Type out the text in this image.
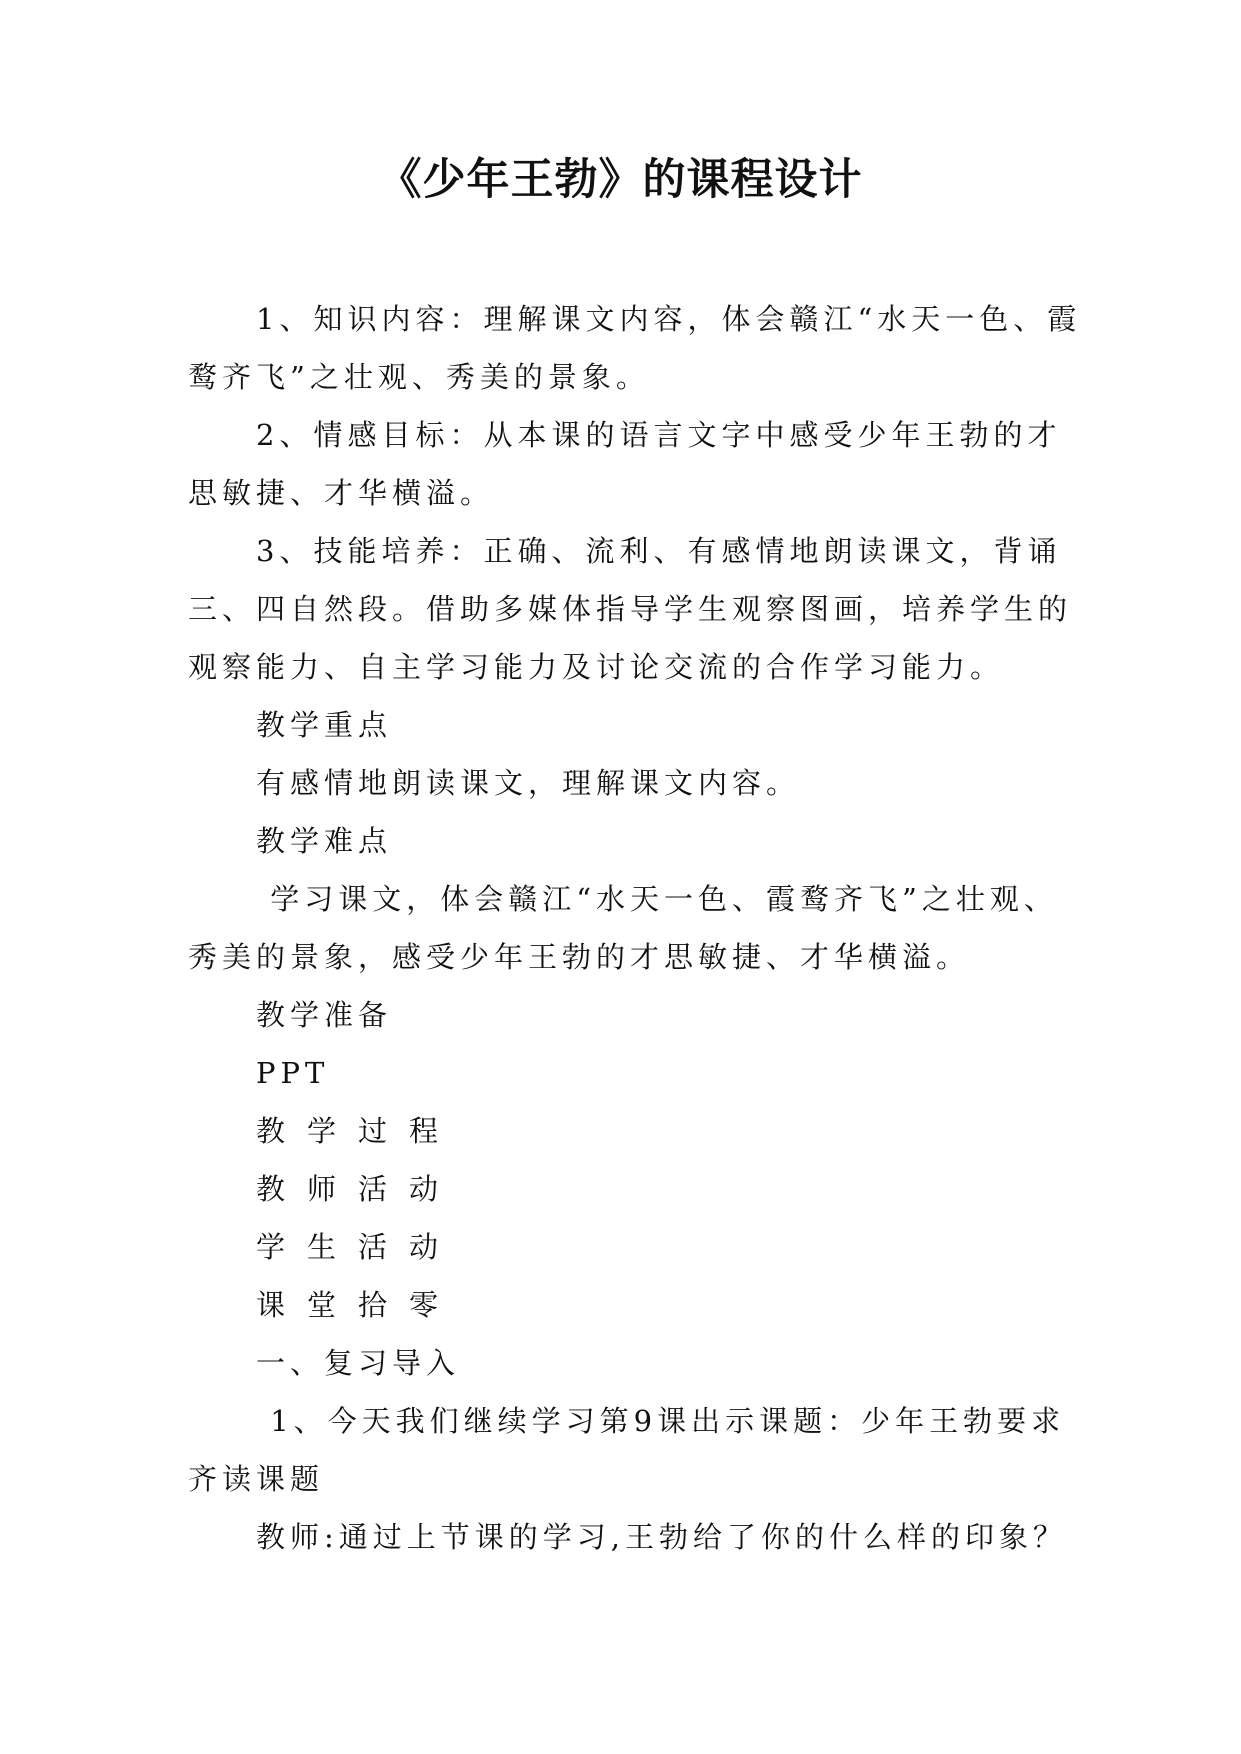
《少年王勃》的课程设计

1、知识内容：理解课文内容，体会赣江“水天一色、霞鹜齐飞”之壮观、秀美的景象。

2、情感目标：从本课的语言文字中感受少年王勃的才思敏捷、才华横溢。

3、技能培养：正确、流利、有感情地朗读课文，背诵三、四自然段。借助多媒体指导学生观察图画，培养学生的观察能力、自主学习能力及讨论交流的合作学习能力。

教学重点

有感情地朗读课文，理解课文内容。

教学难点

学习课文，体会赣江“水天一色、霞鹜齐飞”之壮观、秀美的景象，感受少年王勃的才思敏捷、才华横溢。

教学准备

PPT

教学过程

教师活动

学生活动

课堂拾零

一、复习导入

1、今天我们继续学习第9课出示课题：少年王勃要求齐读课题

教师:通过上节课的学习,王勃给了你的什么样的印象？
